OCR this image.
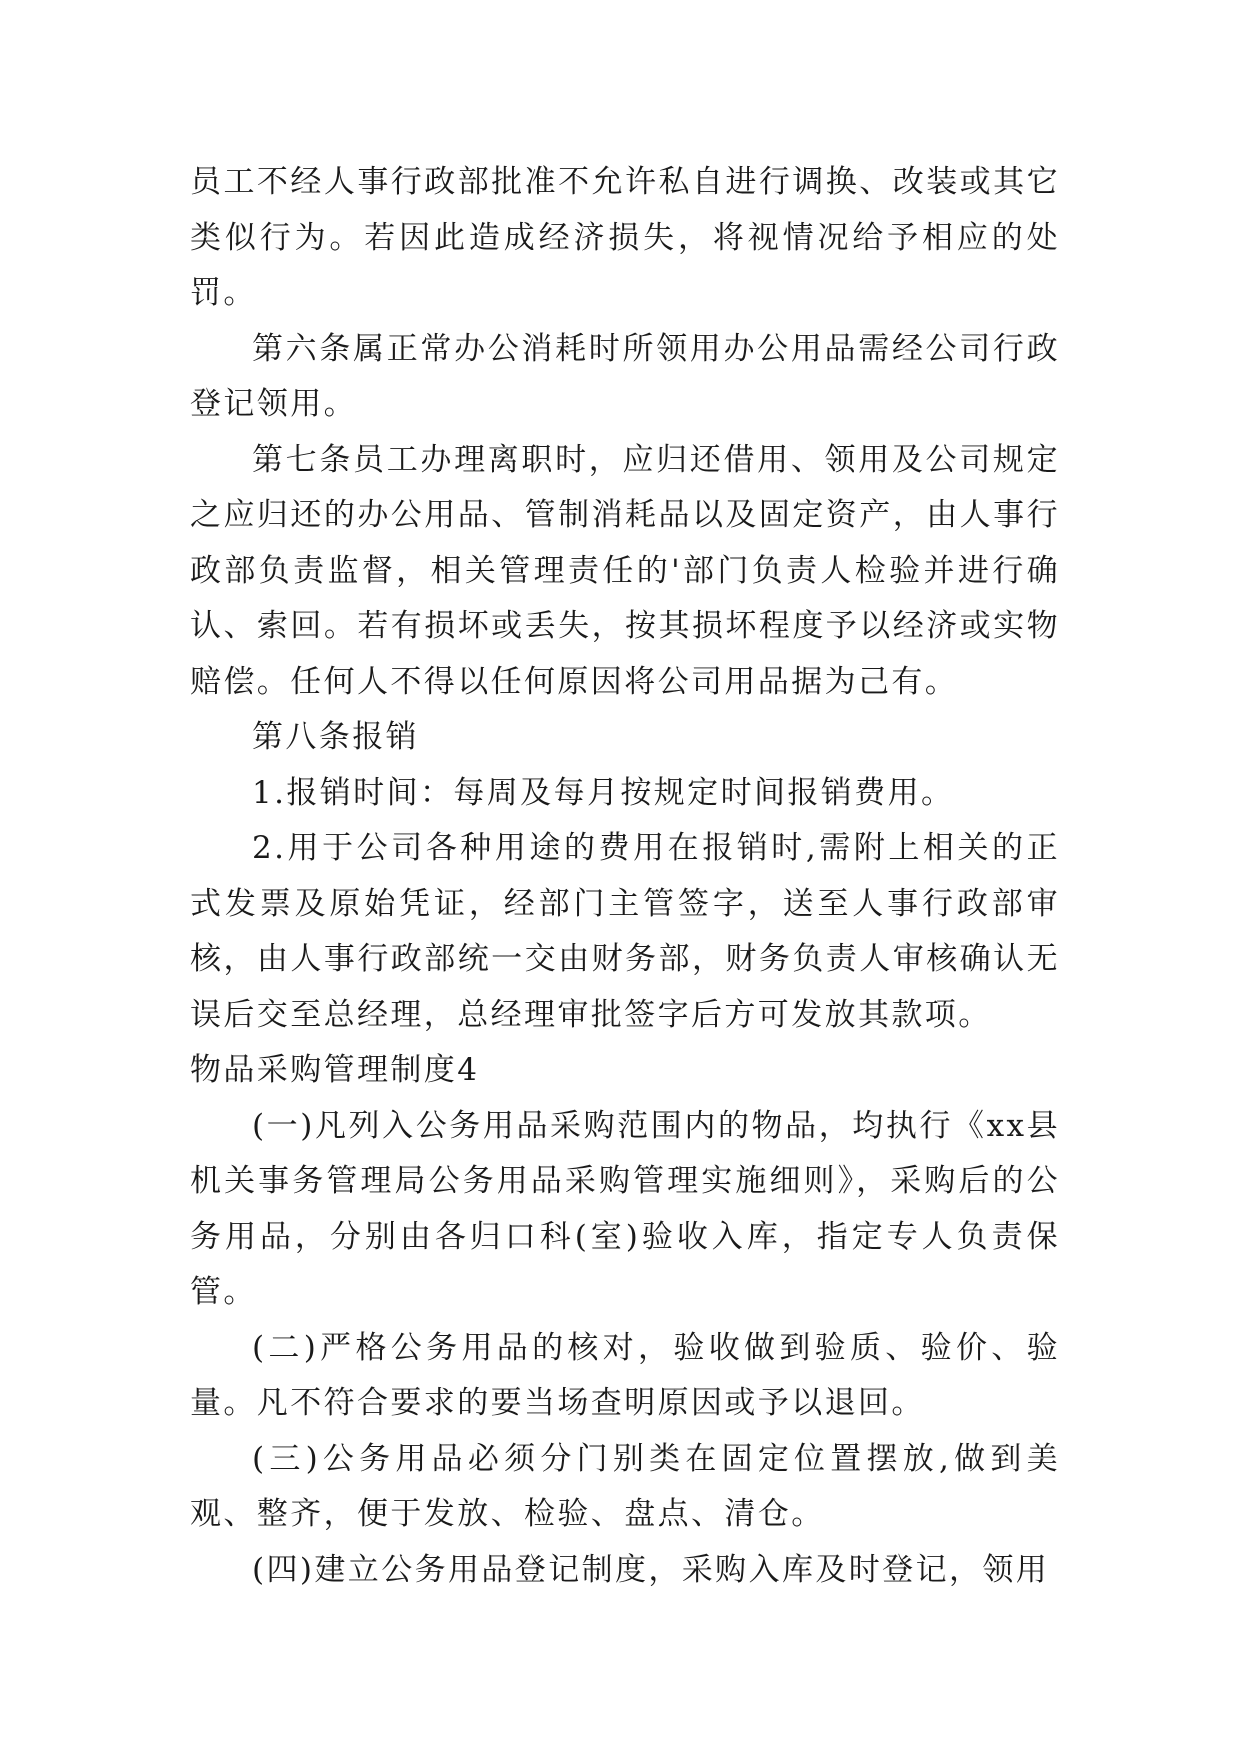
员工不经人事行政部批准不允许私自进行调换、改装或其它类似行为。若因此造成经济损失，将视情况给予相应的处罚。

第六条属正常办公消耗时所领用办公用品需经公司行政登记领用。

第七条员工办理离职时，应归还借用、领用及公司规定之应归还的办公用品、管制消耗品以及固定资产，由人事行政部负责监督，相关管理责任的'部门负责人检验并进行确认、索回。若有损坏或丢失，按其损坏程度予以经济或实物赔偿。任何人不得以任何原因将公司用品据为己有。

第八条报销

1.报销时间：每周及每月按规定时间报销费用。

2.用于公司各种用途的费用在报销时,需附上相关的正式发票及原始凭证，经部门主管签字，送至人事行政部审核，由人事行政部统一交由财务部，财务负责人审核确认无误后交至总经理，总经理审批签字后方可发放其款项。

物品采购管理制度4

(一)凡列入公务用品采购范围内的物品，均执行《xx县机关事务管理局公务用品采购管理实施细则》，采购后的公务用品，分别由各归口科(室)验收入库，指定专人负责保管。

(二)严格公务用品的核对，验收做到验质、验价、验量。凡不符合要求的要当场查明原因或予以退回。

(三)公务用品必须分门别类在固定位置摆放,做到美观、整齐，便于发放、检验、盘点、清仓。

(四)建立公务用品登记制度，采购入库及时登记，领用
